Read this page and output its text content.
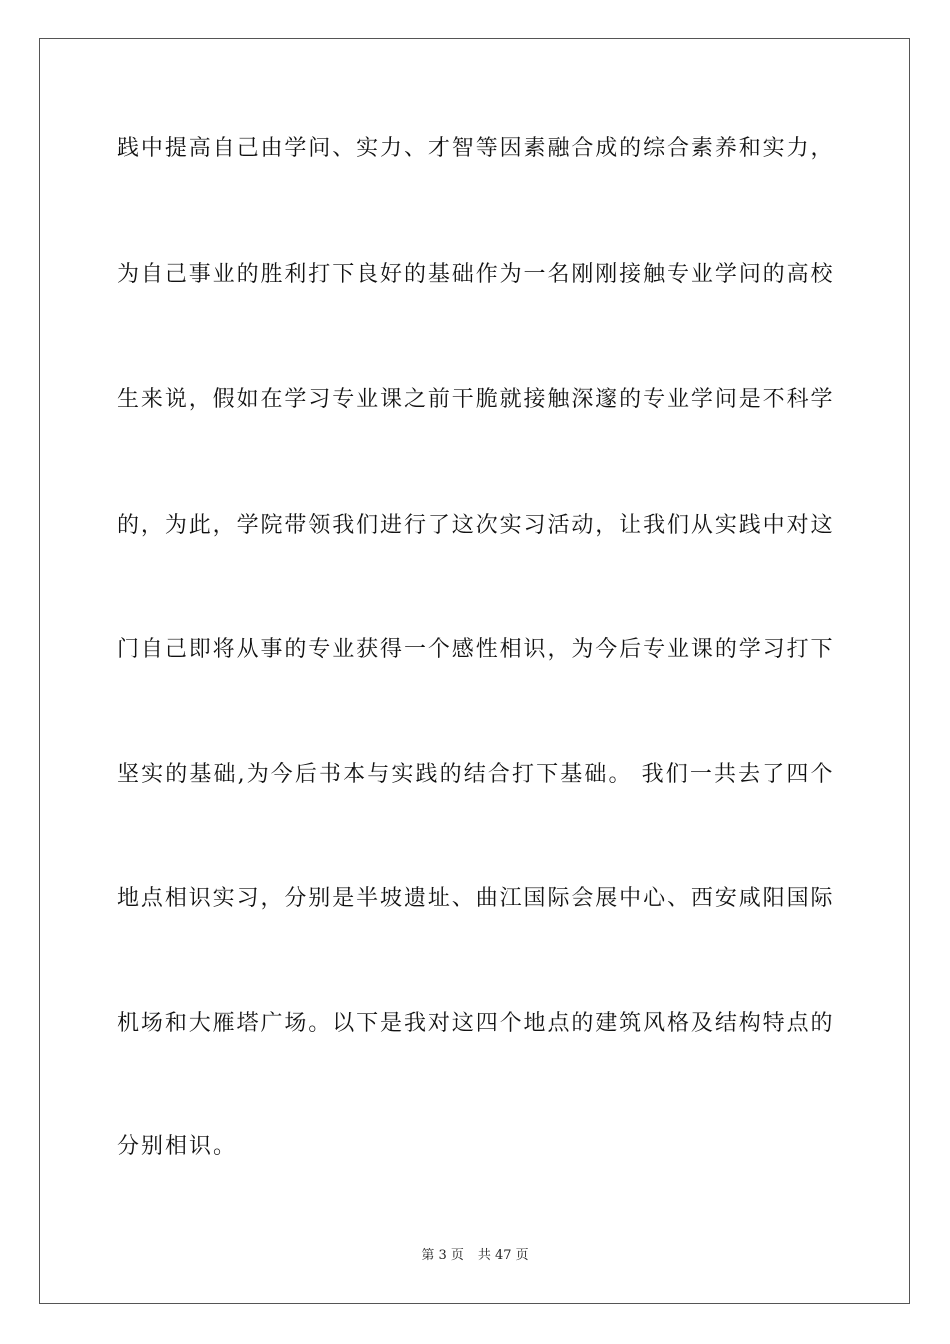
践中提高自己由学问、实力、才智等因素融合成的综合素养和实力，
为自己事业的胜利打下良好的基础作为一名刚刚接触专业学问的高校
生来说，假如在学习专业课之前干脆就接触深邃的专业学问是不科学
的，为此，学院带领我们进行了这次实习活动，让我们从实践中对这
门自己即将从事的专业获得一个感性相识，为今后专业课的学习打下
坚实的基础,为今后书本与实践的结合打下基础。 我们一共去了四个
地点相识实习，分别是半坡遗址、曲江国际会展中心、西安咸阳国际
机场和大雁塔广场。以下是我对这四个地点的建筑风格及结构特点的
分别相识。
第 3 页 共 47 页
